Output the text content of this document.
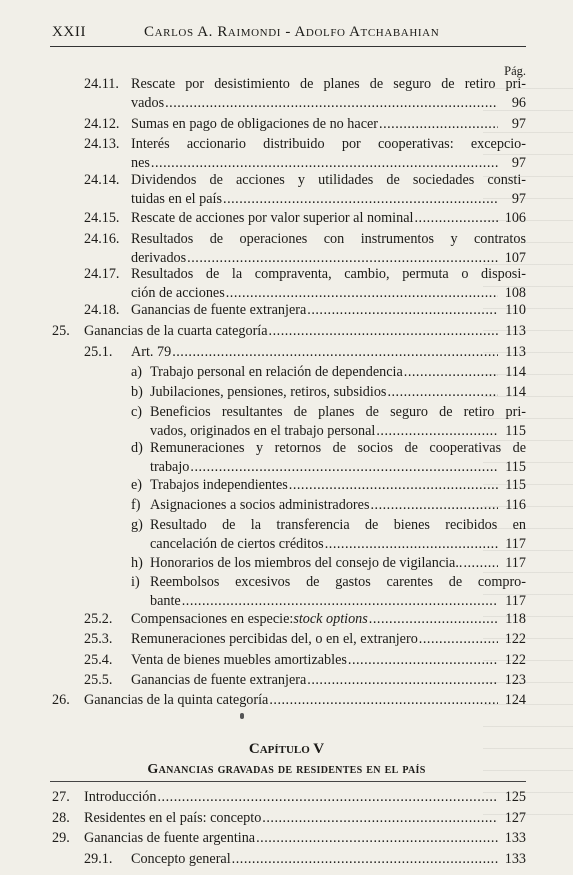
XXII	Carlos A. Raimondi - Adolfo Atchabahian
Pág.
24.11. Rescate por desistimiento de planes de seguro de retiro pri-
vados .....	96
24.12. Sumas en pago de obligaciones de no hacer .....	97
24.13. Interés accionario distribuido por cooperativas: excepcio-
nes .....	97
24.14. Dividendos de acciones y utilidades de sociedades consti-
tuidas en el país .....	97
24.15. Rescate de acciones por valor superior al nominal .....	106
24.16. Resultados de operaciones con instrumentos y contratos
derivados .....	107
24.17. Resultados de la compraventa, cambio, permuta o disposi-
ción de acciones .....	108
24.18. Ganancias de fuente extranjera .....	110
25. Ganancias de la cuarta categoría .....	113
25.1. Art. 79 .....	113
a) Trabajo personal en relación de dependencia .....	114
b) Jubilaciones, pensiones, retiros, subsidios .....	114
c) Beneficios resultantes de planes de seguro de retiro pri-
vados, originados en el trabajo personal .....	115
d) Remuneraciones y retornos de socios de cooperativas de
trabajo .....	115
e) Trabajos independientes .....	115
f) Asignaciones a socios administradores .....	116
g) Resultado de la transferencia de bienes recibidos en
cancelación de ciertos créditos .....	117
h) Honorarios de los miembros del consejo de vigilancia.. .....	117
i) Reembolsos excesivos de gastos carentes de compro-
bante .....	117
25.2. Compensaciones en especie: stock options .....	118
25.3. Remuneraciones percibidas del, o en el, extranjero .....	122
25.4. Venta de bienes muebles amortizables .....	122
25.5. Ganancias de fuente extranjera .....	123
26. Ganancias de la quinta categoría .....	124
27. Introducción .....	125
28. Residentes en el país: concepto .....	127
29. Ganancias de fuente argentina .....	133
29.1. Concepto general .....	133
Capítulo V
Ganancias gravadas de residentes en el país
